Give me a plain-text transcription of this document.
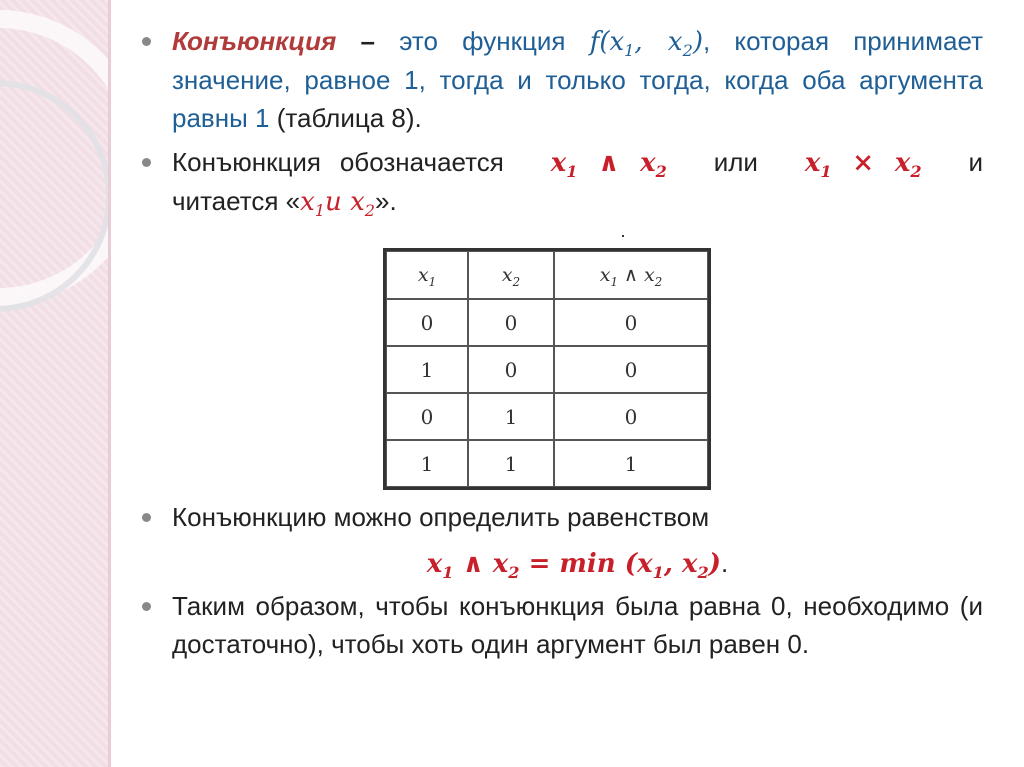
Конъюнкция – это функция $f(x_1$, $x_2$), которая принимает значение, равное 1, тогда и только тогда, когда оба аргумента равны 1 (таблица 8).
Конъюнкция обозначается $x_1$ ∧ $x_2$ или $x_1 \times x_2$ и читается «$x_1и$ $x_2$».
$x_1$	$x_2$	$x_1$ ∧ $x_2$
0	0	0
1	0	0
0	1	0
1	1	1
Конъюнкцию можно определить равенством
$x_1$ ∧ $x_2 = \min (x_1$, $x_2$).
Таким образом, чтобы конъюнкция была равна 0, необходимо (и достаточно), чтобы хоть один аргумент был равен 0.
